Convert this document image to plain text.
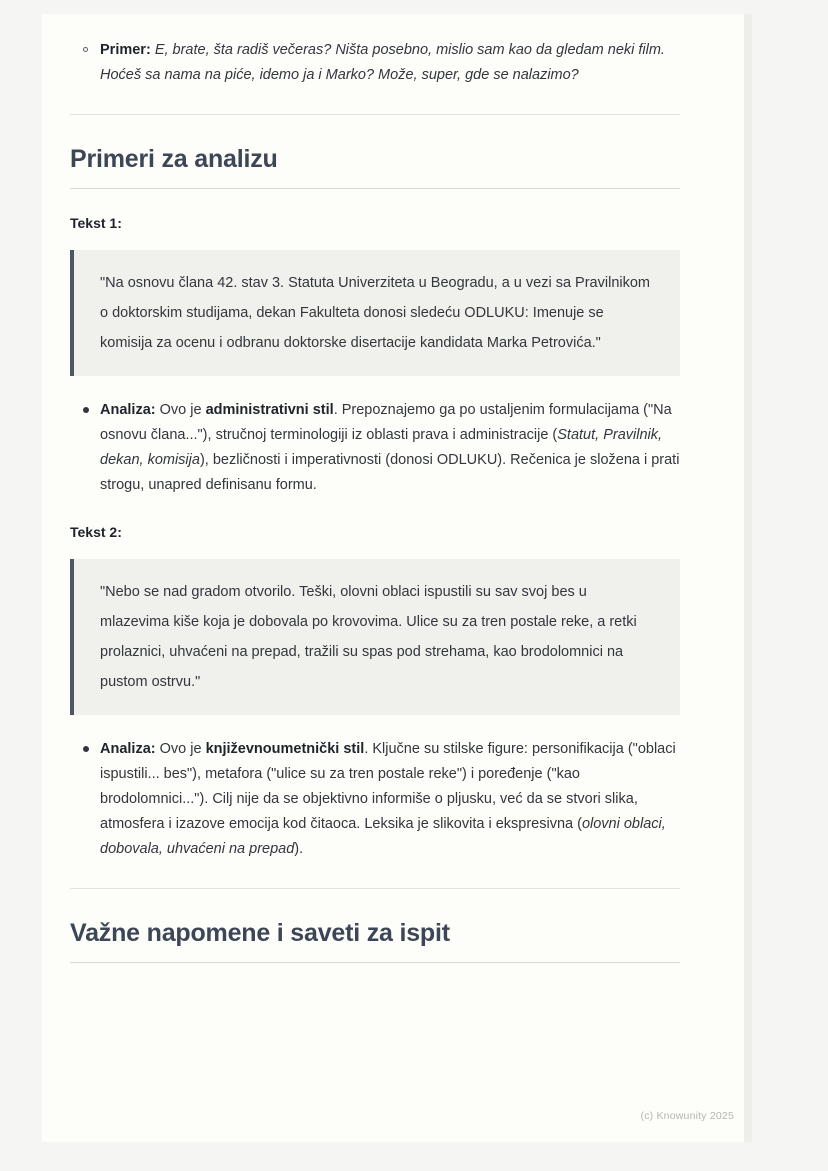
Primer: E, brate, šta radiš večeras? Ništa posebno, mislio sam kao da gledam neki film. Hoćeš sa nama na piće, idemo ja i Marko? Može, super, gde se nalazimo?
Primeri za analizu
Tekst 1:
"Na osnovu člana 42. stav 3. Statuta Univerziteta u Beogradu, a u vezi sa Pravilnikom o doktorskim studijama, dekan Fakulteta donosi sledeću ODLUKU: Imenuje se komisija za ocenu i odbranu doktorske disertacije kandidata Marka Petrovića."
Analiza: Ovo je administrativni stil. Prepoznajemo ga po ustaljenim formulacijama ("Na osnovu člana..."), stručnoj terminologiji iz oblasti prava i administracije (Statut, Pravilnik, dekan, komisija), bezličnosti i imperativnosti (donosi ODLUKU). Rečenica je složena i prati strogu, unapred definisanu formu.
Tekst 2:
"Nebo se nad gradom otvorilo. Teški, olovni oblaci ispustili su sav svoj bes u mlazevima kiše koja je dobovala po krovovima. Ulice su za tren postale reke, a retki prolaznici, uhvaćeni na prepad, tražili su spas pod strehama, kao brodolomnici na pustom ostrvu."
Analiza: Ovo je književnoumetnički stil. Ključne su stilske figure: personifikacija ("oblaci ispustili... bes"), metafora ("ulice su za tren postale reke") i poređenje ("kao brodolomnici..."). Cilj nije da se objektivno informiše o pljusku, već da se stvori slika, atmosfera i izazove emocija kod čitaoca. Leksika je slikovita i ekspresivna (olovni oblaci, dobovala, uhvaćeni na prepad).
Važne napomene i saveti za ispit
(c) Knowunity 2025
